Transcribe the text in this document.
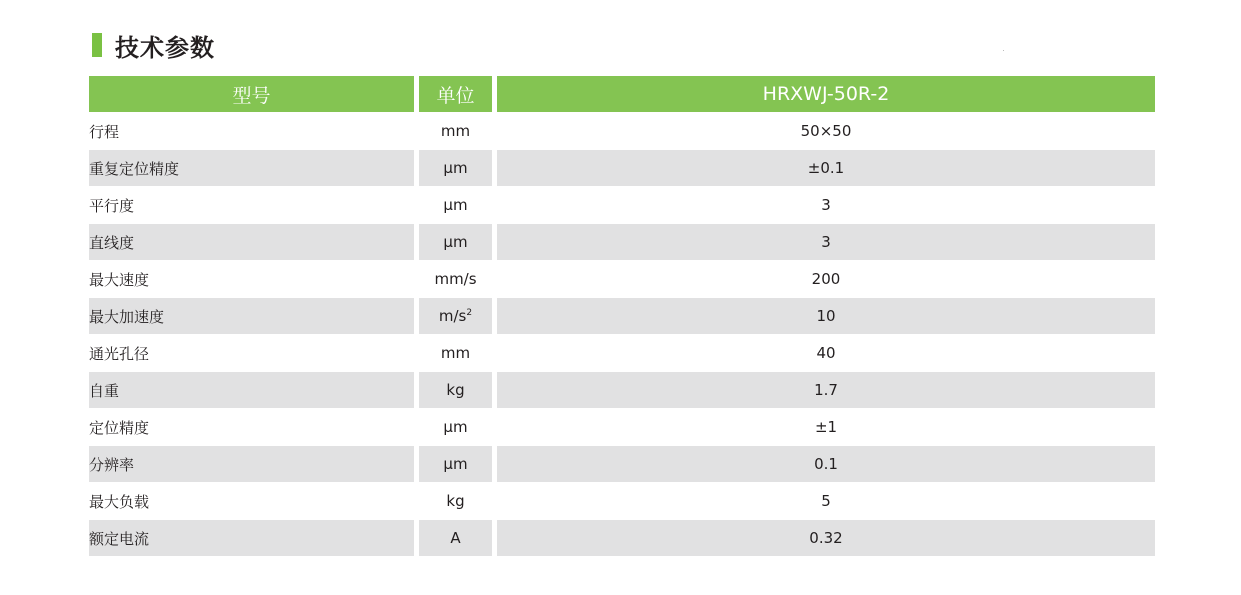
技术参数
型号	单位	HRXWJ-50R-2
行程	mm	50×50
重复定位精度	μm	±0.1
平行度	μm	3
直线度	μm	3
最大速度	mm/s	200
最大加速度	$m/s^2$	10
通光孔径	mm	40
自重	kg	1.7
定位精度	μm	±1
分辨率	μm	0.1
最大负载	kg	5
额定电流	A	0.32
